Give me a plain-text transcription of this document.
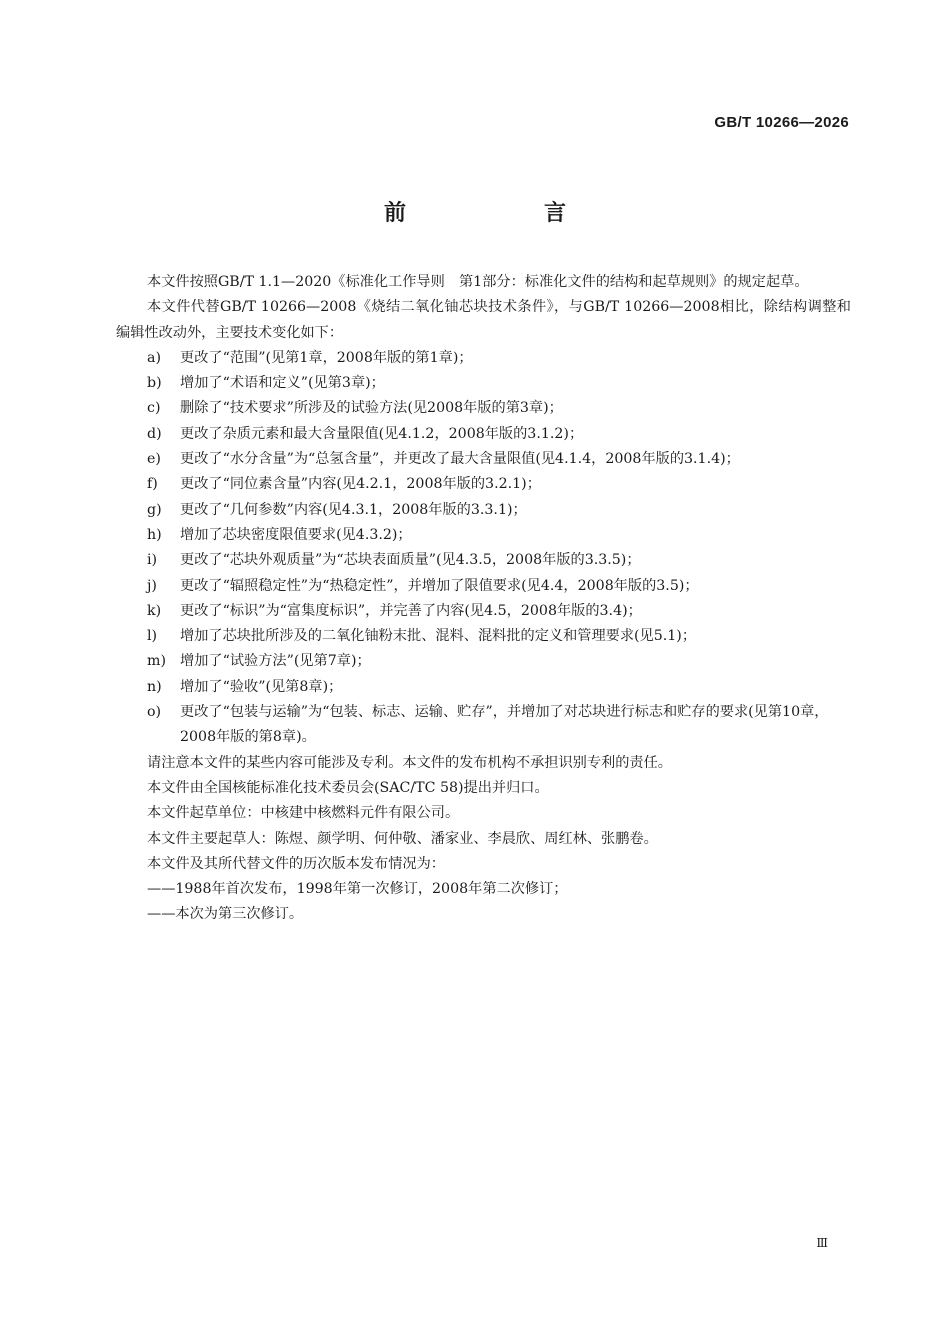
GB/T 10266—2026
前　言

本文件按照GB/T 1.1—2020《标准化工作导则　第1部分：标准化文件的结构和起草规则》的规定起草。

本文件代替GB/T 10266—2008《烧结二氧化铀芯块技术条件》，与GB/T 10266—2008相比，除结构调整和编辑性改动外，主要技术变化如下：

a)	更改了“范围”(见第1章，2008年版的第1章)；
b)	增加了“术语和定义”(见第3章)；
c)	删除了“技术要求”所涉及的试验方法(见2008年版的第3章)；
d)	更改了杂质元素和最大含量限值(见4.1.2，2008年版的3.1.2)；
e)	更改了“水分含量”为“总氢含量”，并更改了最大含量限值(见4.1.4，2008年版的3.1.4)；
f)	更改了“同位素含量”内容(见4.2.1，2008年版的3.2.1)；
g)	更改了“几何参数”内容(见4.3.1，2008年版的3.3.1)；
h)	增加了芯块密度限值要求(见4.3.2)；
i)	更改了“芯块外观质量”为“芯块表面质量”(见4.3.5，2008年版的3.3.5)；
j)	更改了“辐照稳定性”为“热稳定性”，并增加了限值要求(见4.4，2008年版的3.5)；
k)	更改了“标识”为“富集度标识”，并完善了内容(见4.5，2008年版的3.4)；
l)	增加了芯块批所涉及的二氧化铀粉末批、混料、混料批的定义和管理要求(见5.1)；
m) 增加了“试验方法”(见第7章)；
n)	增加了“验收”(见第8章)；
o)	更改了“包装与运输”为“包装、标志、运输、贮存”，并增加了对芯块进行标志和贮存的要求(见第10章，2008年版的第8章)。

请注意本文件的某些内容可能涉及专利。本文件的发布机构不承担识别专利的责任。

本文件由全国核能标准化技术委员会(SAC/TC 58)提出并归口。

本文件起草单位：中核建中核燃料元件有限公司。

本文件主要起草人：陈煜、颜学明、何仲敬、潘家业、李晨欣、周红林、张鹏卷。

本文件及其所代替文件的历次版本发布情况为：

——1988年首次发布，1998年第一次修订，2008年第二次修订；

——本次为第三次修订。

Ⅲ
